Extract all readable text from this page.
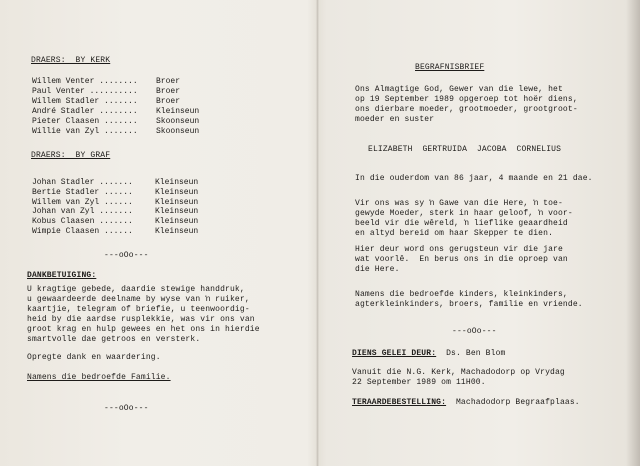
DRAERS:  BY KERK
Willem Venter ........ Broer
Paul Venter .......... Broer
Willem Stadler ....... Broer
André Stadler ........ Kleinseun
Pieter Claasen ....... Skoonseun
Willie van Zyl ....... Skoonseun
DRAERS:  BY GRAF
Johan Stadler .......	Kleinseun
Bertie Stadler ......	Kleinseun
Willem van Zyl ......	Kleinseun
Johan van Zyl .......	Kleinseun
Kobus Claasen .......	Kleinseun
Wimpie Claasen ......	Kleinseun
---oOo---
DANKBETUIGING:
U kragtige gebede, daardie stewige handdruk,
u gewaardeerde deelname by wyse van ŉ ruiker,
kaartjie, telegram of briefie, u teenwoordig-
heid by die aardse rusplekkie, was vir ons van
groot krag en hulp gewees en het ons in hierdie
smartvolle dae getroos en versterk.
Opregte dank en waardering.
Namens die bedroefde Familie.
---oOo---
BEGRAFNISBRIEF
Ons Almagtige God, Gewer van die lewe, het
op 19 September 1989 opgeroep tot hoër diens,
ons dierbare moeder, grootmoeder, grootgroot-
moeder en suster
ELIZABETH  GERTRUIDA  JACOBA  CORNELIUS
In die ouderdom van 86 jaar, 4 maande en 21 dae.
Vir ons was sy ŉ Gawe van die Here, ŉ toe-
gewyde Moeder, sterk in haar geloof, ŉ voor-
beeld vir die wêreld, ŉ lieflike geaardheid
en altyd bereid om haar Skepper te dien.
Hier deur word ons gerugsteun vir die jare
wat voorlê.  En berus ons in die oproep van
die Here.
Namens die bedroefde kinders, kleinkinders,
agterkleinkinders, broers, familie en vriende.
---oOo---
DIENS GELEI DEUR: Ds. Ben Blom
Vanuit die N.G. Kerk, Machadodorp op Vrydag
22 September 1989 om 11H00.
TERAARDEBESTELLING: Machadodorp Begraafplaas.
